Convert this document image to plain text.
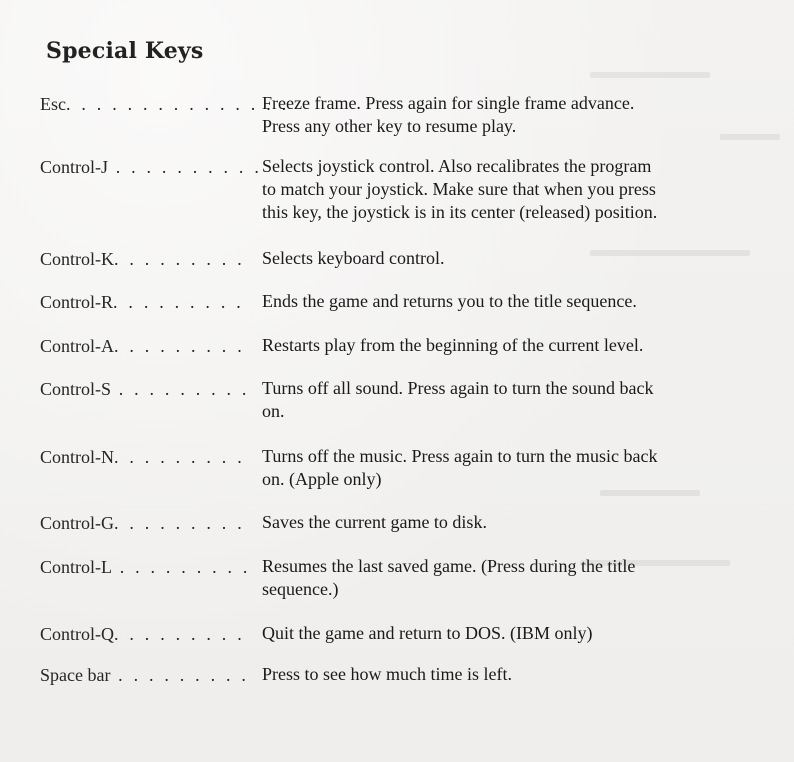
Special Keys
Esc. . . . . . . . . . . . . . .
Freeze frame. Press again for single frame advance.
Press any other key to resume play.
Control-J . . . . . . . . . . Selects joystick control. Also recalibrates the program
to match your joystick. Make sure that when you press
this key, the joystick is in its center (released) position.
Control-K. . . . . . . . . Selects keyboard control.
Control-R. . . . . . . . .	Ends the game and returns you to the title sequence.
Control-A. . . . . . . . . Restarts play from the beginning of the current level.
Control-S . . . . . . . . . Turns off all sound. Press again to turn the sound back
on.
Control-N. . . . . . . . . Turns off the music. Press again to turn the music back
on. (Apple only)
Control-G. . . . . . . . . Saves the current game to disk.
Control-L . . . . . . . . . Resumes the last saved game. (Press during the title
sequence.)
Control-Q. . . . . . . . . Quit the game and return to DOS. (IBM only)
Space bar . . . . . . . . . Press to see how much time is left.
